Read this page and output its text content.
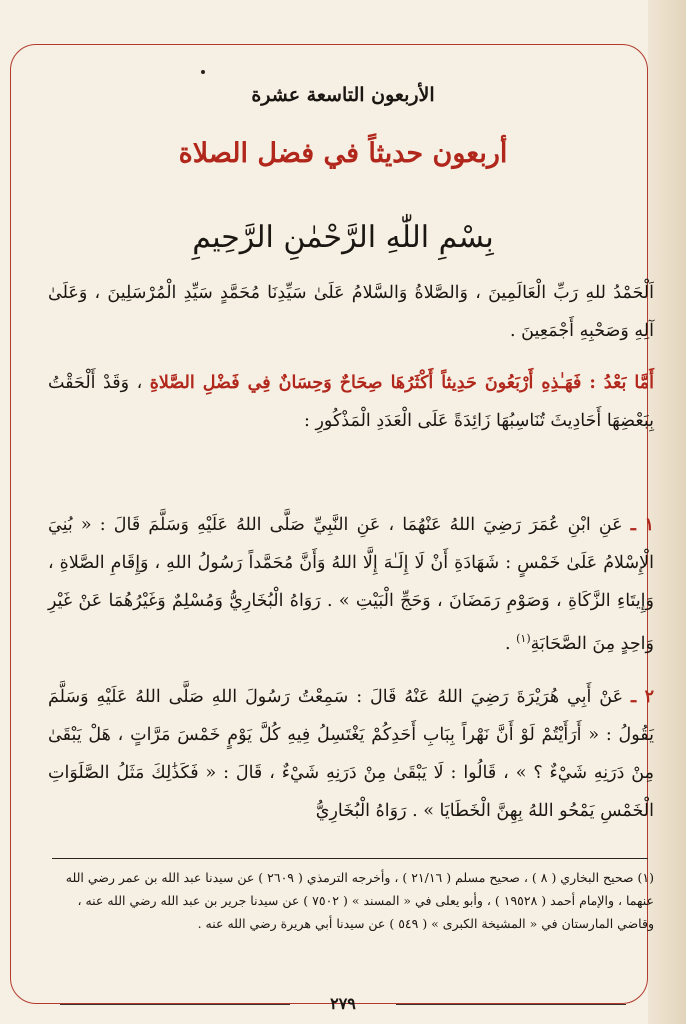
الأربعون التاسعة عشرة
أربعون حديثاً في فضل الصلاة
بِسْمِ اللّٰهِ الرَّحْمٰنِ الرَّحِيمِ
اَلْحَمْدُ للهِ رَبِّ الْعَالَمِينَ ، وَالصَّلاةُ وَالسَّلامُ عَلَىٰ سَيِّدِنَا مُحَمَّدٍ سَيِّدِ الْمُرْسَلِينَ ، وَعَلَىٰ آلِهِ وَصَحْبِهِ أَجْمَعِينَ .
أَمَّا بَعْدُ : فَهَـٰذِهِ أَرْبَعُونَ حَدِيثاً أَكْثَرُهَا صِحَاحٌ وَحِسَانٌ فِي فَضْلِ الصَّلاةِ ، وَقَدْ أَلْحَقْتُ بِبَعْضِهَا أَحَادِيثَ تُنَاسِبُهَا زَائِدَةً عَلَى الْعَدَدِ الْمَذْكُورِ :
١ ـ عَنِ ابْنِ عُمَرَ رَضِيَ اللهُ عَنْهُمَا ، عَنِ النَّبِيِّ صَلَّى اللهُ عَلَيْهِ وَسَلَّمَ قَالَ : « بُنِيَ الْإِسْلامُ عَلَىٰ خَمْسٍ : شَهَادَةِ أَنْ لَا إِلَـٰهَ إِلَّا اللهُ وَأَنَّ مُحَمَّداً رَسُولُ اللهِ ، وَإِقَامِ الصَّلاةِ ، وَإِيتَاءِ الزَّكَاةِ ، وَصَوْمِ رَمَضَانَ ، وَحَجِّ الْبَيْتِ » . رَوَاهُ الْبُخَارِيُّ وَمُسْلِمٌ وَغَيْرُهُمَا عَنْ غَيْرِ وَاحِدٍ مِنَ الصَّحَابَةِ$^{(١)}$ .
٢ ـ عَنْ أَبِي هُرَيْرَةَ رَضِيَ اللهُ عَنْهُ قَالَ : سَمِعْتُ رَسُولَ اللهِ صَلَّى اللهُ عَلَيْهِ وَسَلَّمَ يَقُولُ : « أَرَأَيْتُمْ لَوْ أَنَّ نَهْراً بِبَابِ أَحَدِكُمْ يَغْتَسِلُ فِيهِ كُلَّ يَوْمٍ خَمْسَ مَرَّاتٍ ، هَلْ يَبْقَىٰ مِنْ دَرَنِهِ شَيْءٌ ؟ » ، قَالُوا : لَا يَبْقَىٰ مِنْ دَرَنِهِ شَيْءٌ ، قَالَ : « فَكَذَٰلِكَ مَثَلُ الصَّلَوَاتِ الْخَمْسِ يَمْحُو اللهُ بِهِنَّ الْخَطَايَا » . رَوَاهُ الْبُخَارِيُّ
(١) صحيح البخاري ( ٨ ) ، صحيح مسلم ( ٢١/١٦ ) ، وأخرجه الترمذي ( ٢٦٠٩ ) عن سيدنا عبد الله بن عمر رضي الله عنهما ، والإمام أحمد ( ١٩٥٢٨ ) ، وأبو يعلى في « المسند » ( ٧٥٠٢ ) عن سيدنا جرير بن عبد الله رضي الله عنه ، وقاضي المارستان في « المشيخة الكبرى » ( ٥٤٩ ) عن سيدنا أبي هريرة رضي الله عنه .
٢٧٩
